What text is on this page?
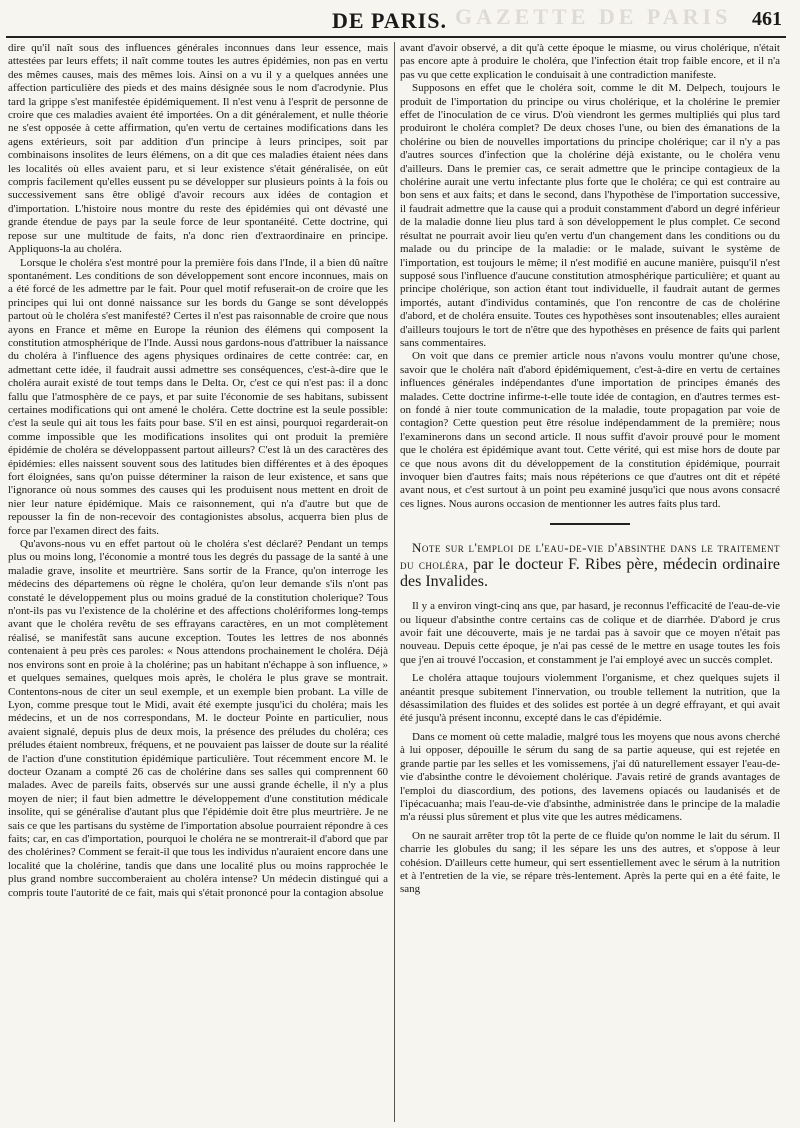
GAZETTE DE PARIS
DE PARIS.	461

dire qu'il naît sous des influences générales inconnues dans leur essence, mais attestées par leurs effets; il naît comme toutes les autres épidémies, non pas en vertu des mêmes causes, mais des mêmes lois. Ainsi on a vu il y a quelques années une affection particulière des pieds et des mains désignée sous le nom d'acrodynie. Plus tard la grippe s'est manifestée épidémiquement. Il n'est venu à l'esprit de personne de croire que ces maladies avaient été importées. On a dit généralement, et nulle théorie ne s'est opposée à cette affirmation, qu'en vertu de certaines modifications dans les agens extérieurs, soit par addition d'un principe à leurs principes, soit par combinaisons insolites de leurs élémens, on a dit que ces maladies étaient nées dans les localités où elles avaient paru, et si leur existence s'était généralisée, on eût compris facilement qu'elles eussent pu se développer sur plusieurs points à la fois ou successivement sans être obligé d'avoir recours aux idées de contagion et d'importation. L'histoire nous montre du reste des épidémies qui ont dévasté une grande étendue de pays par la seule force de leur spontanéité. Cette doctrine, qui repose sur une multitude de faits, n'a donc rien d'extraordinaire en principe. Appliquons-la au choléra.

Lorsque le choléra s'est montré pour la première fois dans l'Inde, il a bien dû naître spontanément. Les conditions de son développement sont encore inconnues, mais on a été forcé de les admettre par le fait. Pour quel motif refuserait-on de croire que les principes qui lui ont donné naissance sur les bords du Gange se sont développés partout où le choléra s'est manifesté? Certes il n'est pas raisonnable de croire que nous ayons en France et même en Europe la réunion des élémens qui composent la constitution atmosphérique de l'Inde. Aussi nous gardons-nous d'attribuer la naissance du choléra à l'influence des agens physiques ordinaires de cette contrée: car, en admettant cette idée, il faudrait aussi admettre ses conséquences, c'est-à-dire que le choléra aurait existé de tout temps dans le Delta. Or, c'est ce qui n'est pas: il a donc fallu que l'atmosphère de ce pays, et par suite l'économie de ses habitans, subissent certaines modifications qui ont amené le choléra. Cette doctrine est la seule possible: c'est la seule qui ait tous les faits pour base. S'il en est ainsi, pourquoi regarderait-on comme impossible que les modifications insolites qui ont produit la première épidémie de choléra se développassent partout ailleurs? C'est là un des caractères des épidémies: elles naissent souvent sous des latitudes bien différentes et à des époques fort éloignées, sans qu'on puisse déterminer la raison de leur existence, et sans que l'ignorance où nous sommes des causes qui les produisent nous mettent en droit de nier leur nature épidémique. Mais ce raisonnement, qui n'a d'autre but que de repousser la fin de non-recevoir des contagionistes absolus, acquerra bien plus de force par l'examen direct des faits.

Qu'avons-nous vu en effet partout où le choléra s'est déclaré? Pendant un temps plus ou moins long, l'économie a montré tous les degrés du passage de la santé à une maladie grave, insolite et meurtrière. Sans sortir de la France, qu'on interroge les médecins des départemens où règne le choléra, qu'on leur demande s'ils n'ont pas constaté le développement plus ou moins gradué de la constitution cholerique? Tous n'ont-ils pas vu l'existence de la cholérine et des affections cholériformes long-temps avant que le choléra revêtu de ses effrayans caractères, en un mot complètement réalisé, se manifestât sans aucune exception. Toutes les lettres de nos abonnés contenaient à peu près ces paroles: « Nous attendons prochainement le choléra. Déjà nos environs sont en proie à la cholérine; pas un habitant n'échappe à son influence, » et quelques semaines, quelques mois après, le choléra le plus grave se montrait. Contentons-nous de citer un seul exemple, et un exemple bien probant. La ville de Lyon, comme presque tout le Midi, avait été exempte jusqu'ici du choléra; mais les médecins, et un de nos correspondans, M. le docteur Pointe en particulier, nous avaient signalé, depuis plus de deux mois, la présence des préludes du choléra; ces préludes étaient nombreux, fréquens, et ne pouvaient pas laisser de doute sur la réalité de l'action d'une constitution épidémique particulière. Tout récemment encore M. le docteur Ozanam a compté 26 cas de cholérine dans ses salles qui comprennent 60 malades. Avec de pareils faits, observés sur une aussi grande échelle, il n'y a plus moyen de nier; il faut bien admettre le développement d'une constitution médicale insolite, qui se généralise d'autant plus que l'épidémie doit être plus meurtrière. Je ne sais ce que les partisans du système de l'importation absolue pourraient répondre à ces faits; car, en cas d'importation, pourquoi le choléra ne se montrerait-il d'abord que par des cholérines? Comment se ferait-il que tous les individus n'auraient encore dans une localité que la cholérine, tandis que dans une localité plus ou moins rapprochée le plus grand nombre succomberaient au choléra intense? Un médecin distingué qui a compris toute l'autorité de ce fait, mais qui s'était prononcé pour la contagion absolue

avant d'avoir observé, a dit qu'à cette époque le miasme, ou virus cholérique, n'était pas encore apte à produire le choléra, que l'infection était trop faible encore, et il n'a pas vu que cette explication le conduisait à une contradiction manifeste.

Supposons en effet que le choléra soit, comme le dit M. Delpech, toujours le produit de l'importation du principe ou virus cholérique, et la cholérine le premier effet de l'inoculation de ce virus. D'où viendront les germes multipliés qui plus tard produiront le choléra complet? De deux choses l'une, ou bien des émanations de la cholérine ou bien de nouvelles importations du principe cholérique; car il n'y a pas d'autres sources d'infection que la cholérine déjà existante, ou le choléra venu d'ailleurs. Dans le premier cas, ce serait admettre que le principe contagieux de la cholérine aurait une vertu infectante plus forte que le choléra; ce qui est contraire au bon sens et aux faits; et dans le second, dans l'hypothèse de l'importation successive, il faudrait admettre que la cause qui a produit constamment d'abord un degré inférieur de la maladie donne lieu plus tard à son développement le plus complet. Ce second résultat ne pourrait avoir lieu qu'en vertu d'un changement dans les conditions ou du malade ou du principe de la maladie: or le malade, suivant le système de l'importation, est toujours le même; il n'est modifié en aucune manière, puisqu'il n'est supposé sous l'influence d'aucune constitution atmosphérique particulière; et quant au principe cholérique, son action étant tout individuelle, il faudrait autant de germes importés, autant d'individus contaminés, que l'on rencontre de cas de cholérine d'abord, et de choléra ensuite. Toutes ces hypothèses sont insoutenables; elles auraient d'ailleurs toujours le tort de n'être que des hypothèses en présence de faits qui parlent sans commentaires.

On voit que dans ce premier article nous n'avons voulu montrer qu'une chose, savoir que le choléra naît d'abord épidémiquement, c'est-à-dire en vertu de certaines influences générales indépendantes d'une importation de principes émanés des malades. Cette doctrine infirme-t-elle toute idée de contagion, en d'autres termes est-on fondé à nier toute communication de la maladie, toute propagation par voie de contagion? Cette question peut être résolue indépendamment de la première; nous l'examinerons dans un second article. Il nous suffit d'avoir prouvé pour le moment que le choléra est épidémique avant tout. Cette vérité, qui est mise hors de doute par ce que nous avons dit du développement de la constitution épidémique, pourrait invoquer bien d'autres faits; mais nous répéterions ce que d'autres ont dit et répété avant nous, et c'est surtout à un point peu examiné jusqu'ici que nous avons consacré ces lignes. Nous aurons occasion de mentionner les autres faits plus tard.

Note sur l'emploi de l'eau-de-vie d'absinthe dans le traitement du choléra, par le docteur F. Ribes père, médecin ordinaire des Invalides.

Il y a environ vingt-cinq ans que, par hasard, je reconnus l'efficacité de l'eau-de-vie ou liqueur d'absinthe contre certains cas de colique et de diarrhée. D'abord je crus avoir fait une découverte, mais je ne tardai pas à savoir que ce moyen n'était pas nouveau. Depuis cette époque, je n'ai pas cessé de le mettre en usage toutes les fois que j'en ai trouvé l'occasion, et constamment je l'ai employé avec un succès complet.

Le choléra attaque toujours violemment l'organisme, et chez quelques sujets il anéantit presque subitement l'innervation, ou trouble tellement la nutrition, que la désassimilation des fluides et des solides est portée à un degré effrayant, et qui avait été jusqu'à présent inconnu, excepté dans le cas d'épidémie.

Dans ce moment où cette maladie, malgré tous les moyens que nous avons cherché à lui opposer, dépouille le sérum du sang de sa partie aqueuse, qui est rejetée en grande partie par les selles et les vomissemens, j'ai dû naturellement essayer l'eau-de-vie d'absinthe contre le dévoiement cholérique. J'avais retiré de grands avantages de l'emploi du diascordium, des potions, des lavemens opiacés ou laudanisés et de l'ipécacuanha; mais l'eau-de-vie d'absinthe, administrée dans le principe de la maladie m'a réussi plus sûrement et plus vite que les autres médicamens.

On ne saurait arrêter trop tôt la perte de ce fluide qu'on nomme le lait du sérum. Il charrie les globules du sang; il les sépare les uns des autres, et s'oppose à leur cohésion. D'ailleurs cette humeur, qui sert essentiellement avec le sérum à la nutrition et à l'entretien de la vie, se répare très-lentement. Après la perte qui en a été faite, le sang
